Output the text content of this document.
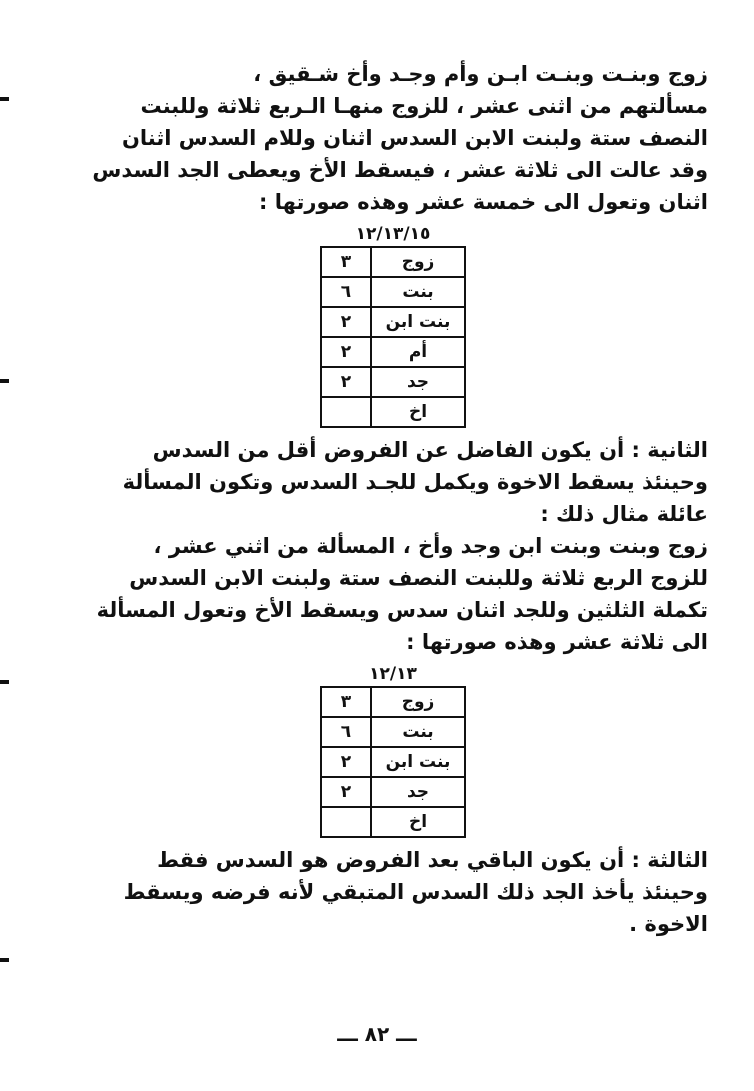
زوج وبنـت وبنـت ابـن وأم وجـد وأخ شـقيق ،
مسألتهم من اثنى عشر ، للزوج منهـا الـربع ثلاثة وللبنت
النصف ستة ولبنت الابن السدس اثنان وللام السدس اثنان
وقد عالت الى ثلاثة عشر ، فيسقط الأخ ويعطى الجد السدس
اثنان وتعول الى خمسة عشر وهذه صورتها :

١٢/١٣/١٥
زوج	٣
بنت	٦
بنت ابن	٢
أم	٢
جد	٢
اخ	

الثانية : أن يكون الفاضل عن الفروض أقل من السدس
وحينئذ يسقط الاخوة ويكمل للجـد السدس وتكون المسألة
عائلة مثال ذلك :

زوج وبنت وبنت ابن وجد وأخ ، المسألة من اثني عشر ،
للزوج الربع ثلاثة وللبنت النصف ستة ولبنت الابن السدس
تكملة الثلثين وللجد اثنان سدس ويسقط الأخ وتعول المسألة
الى ثلاثة عشر وهذه صورتها :

١٢/١٣
زوج	٣
بنت	٦
بنت ابن	٢
جد	٢
اخ	

الثالثة : أن يكون الباقي بعد الفروض هو السدس فقط
وحينئذ يأخذ الجد ذلك السدس المتبقي لأنه فرضه ويسقط
الاخوة .

ـــ ٨٢ ـــ
